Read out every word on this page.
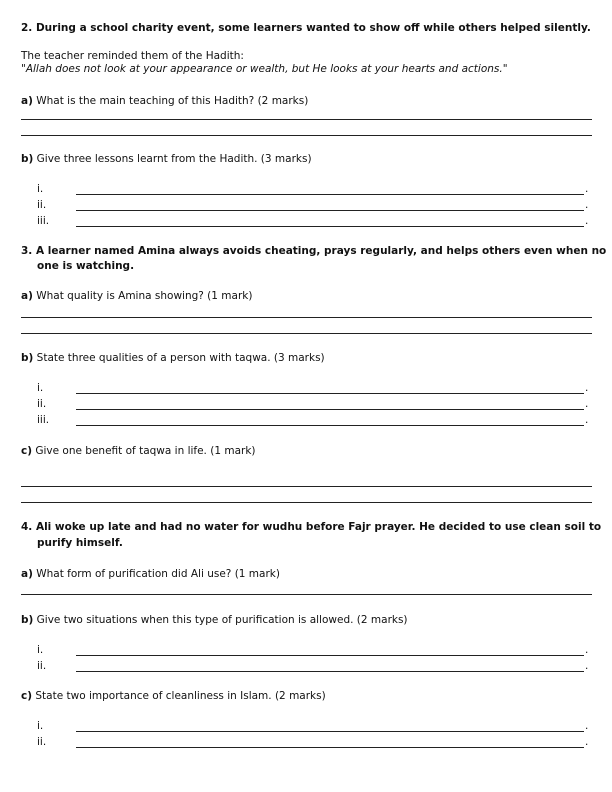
2. During a school charity event, some learners wanted to show off while others helped silently.
The teacher reminded them of the Hadith:
"Allah does not look at your appearance or wealth, but He looks at your hearts and actions."
a) What is the main teaching of this Hadith? (2 marks)
b) Give three lessons learnt from the Hadith. (3 marks)
i.	.
ii.	.
iii.	.
3. A learner named Amina always avoids cheating, prays regularly, and helps others even when no
one is watching.
a) What quality is Amina showing? (1 mark)
b) State three qualities of a person with taqwa. (3 marks)
i.	.
ii.	.
iii.	.
c) Give one benefit of taqwa in life. (1 mark)
4. Ali woke up late and had no water for wudhu before Fajr prayer. He decided to use clean soil to
purify himself.
a) What form of purification did Ali use? (1 mark)
b) Give two situations when this type of purification is allowed. (2 marks)
i.	.
ii.	.
c) State two importance of cleanliness in Islam. (2 marks)
i.	.
ii.	.
